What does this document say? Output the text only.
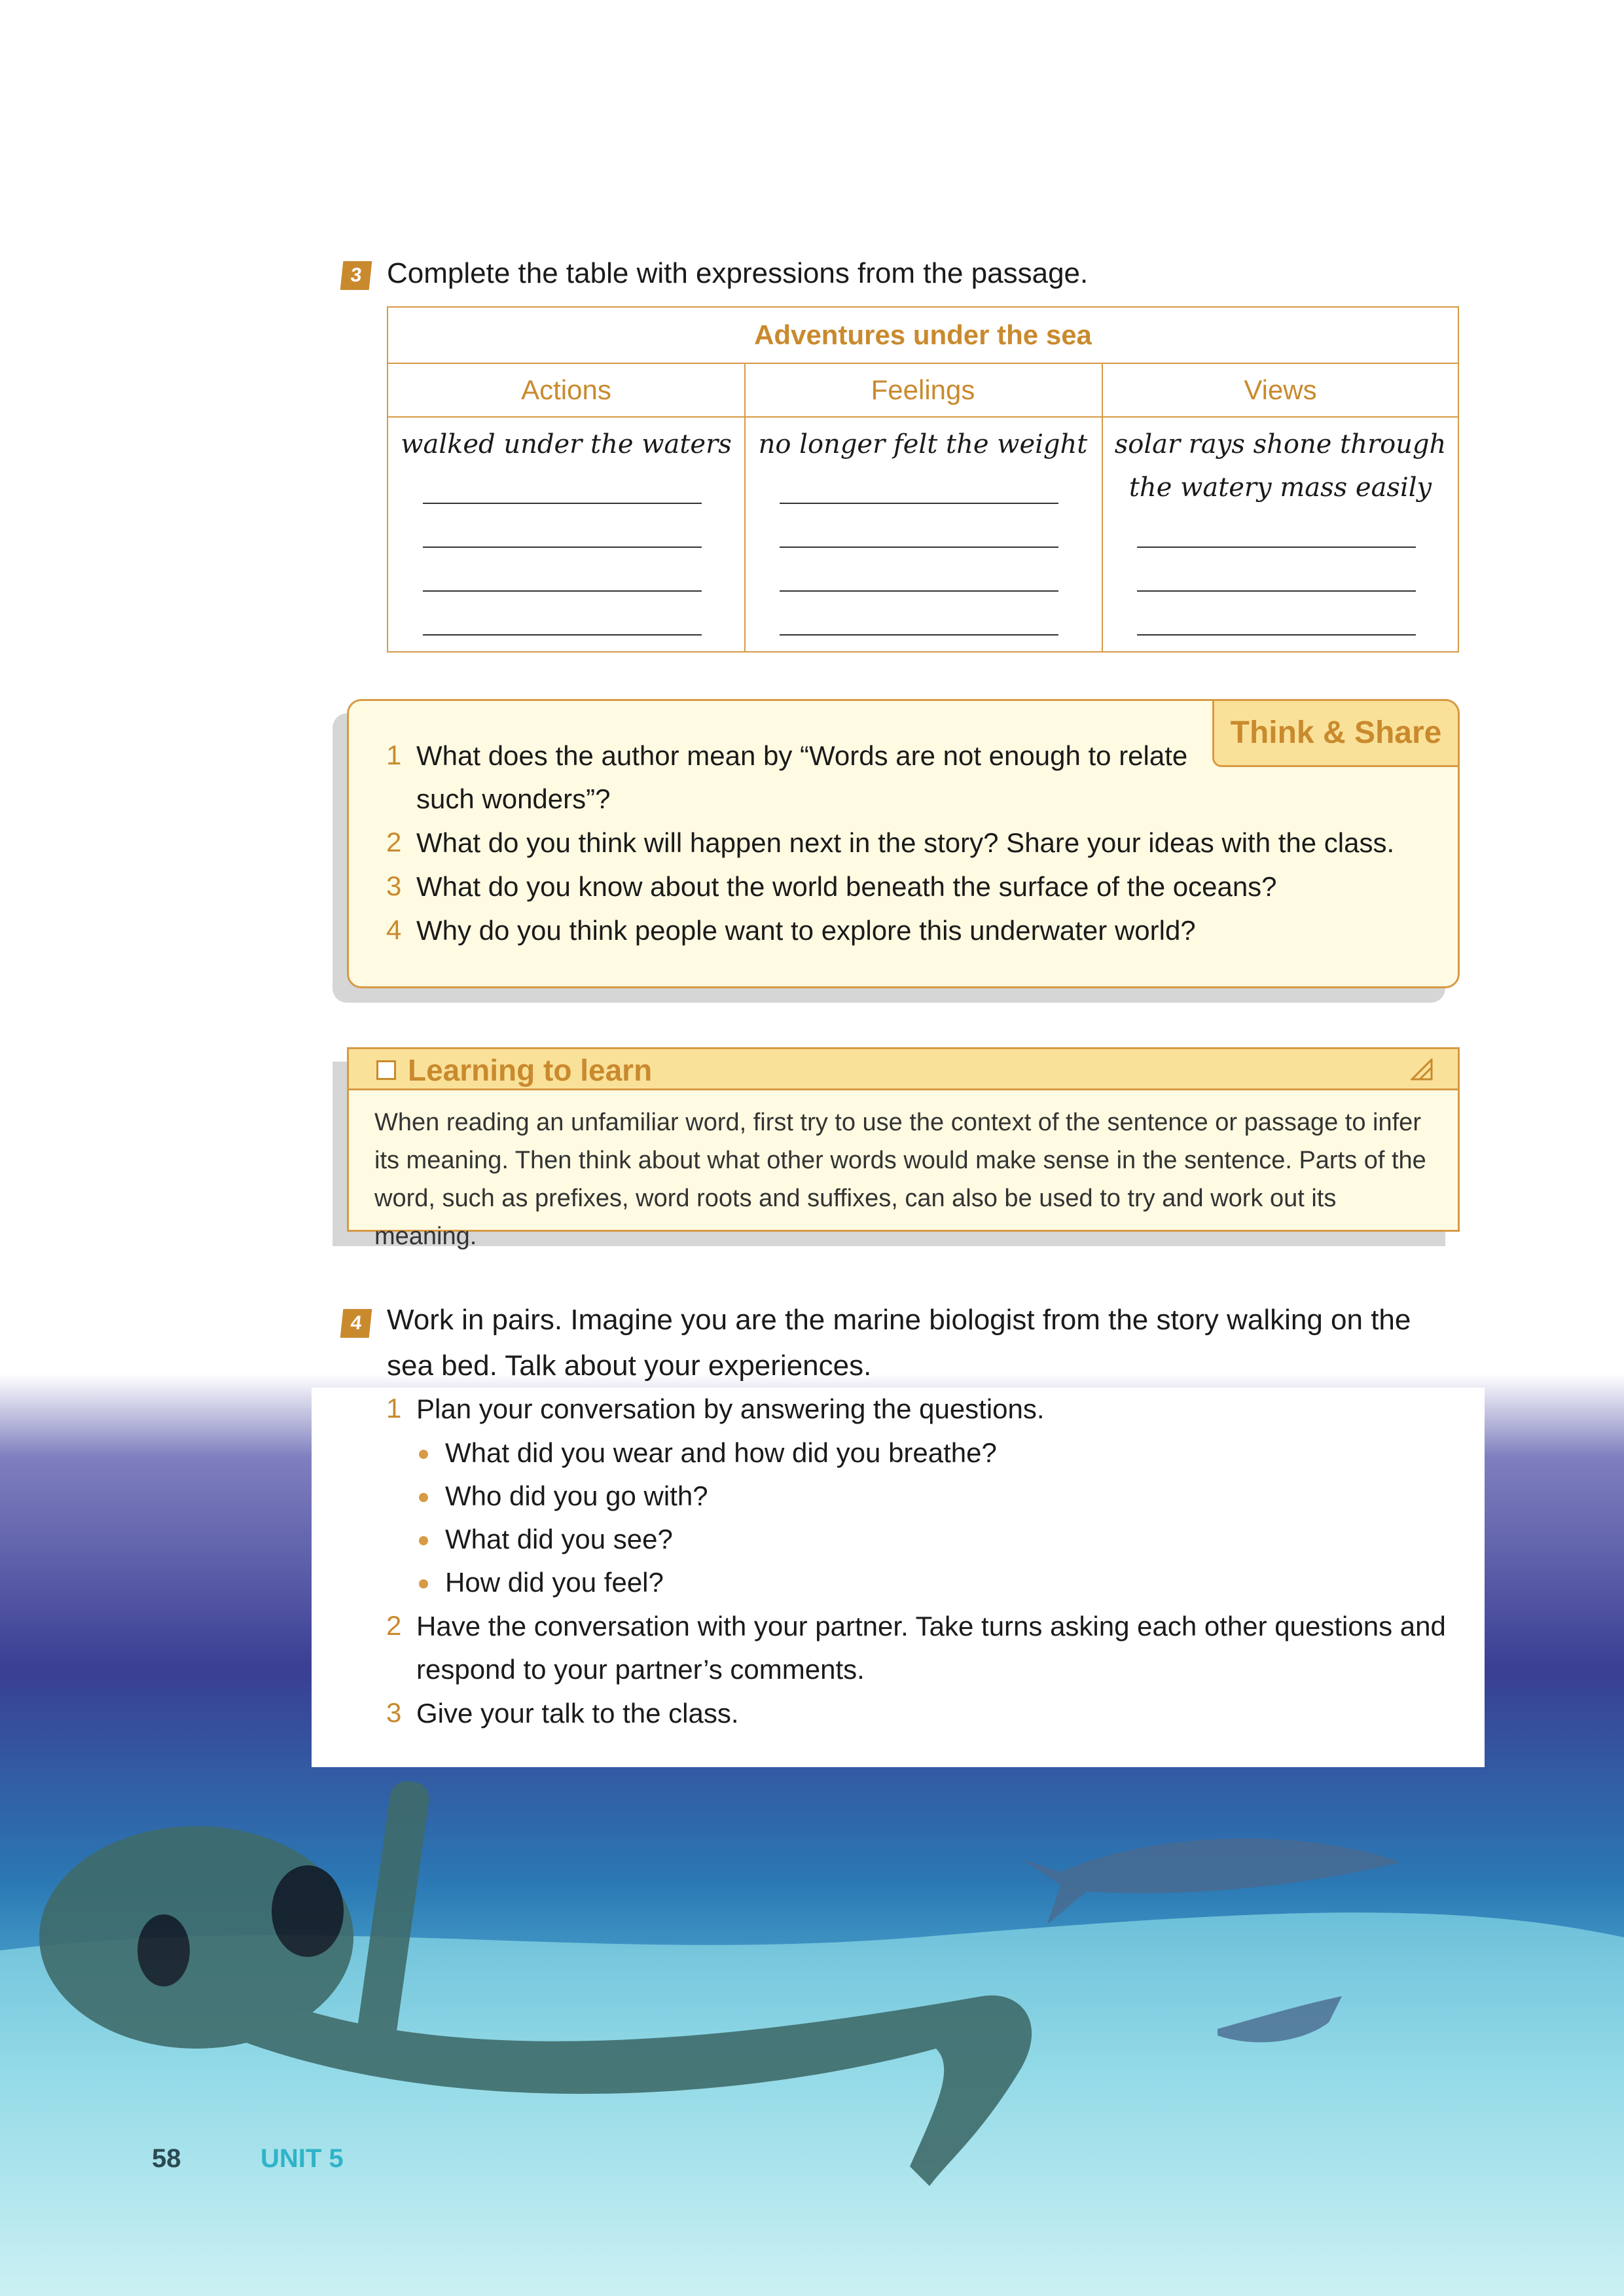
3 Complete the table with expressions from the passage.
Adventures under the sea
Actions	Feelings	Views
walked under the waters	no longer felt the weight	solar rays shone through
the watery mass easily
Think & Share
1 What does the author mean by “Words are not enough to relate
such wonders”?
2 What do you think will happen next in the story? Share your ideas with the class.
3 What do you know about the world beneath the surface of the oceans?
4 Why do you think people want to explore this underwater world?
Learning to learn
When reading an unfamiliar word, first try to use the context of the sentence or passage to infer
its meaning. Then think about what other words would make sense in the sentence. Parts of the
word, such as prefixes, word roots and suffixes, can also be used to try and work out its meaning.
4 Work in pairs. Imagine you are the marine biologist from the story walking on the
sea bed. Talk about your experiences.
1 Plan your conversation by answering the questions.
What did you wear and how did you breathe?
Who did you go with?
What did you see?
How did you feel?
2 Have the conversation with your partner. Take turns asking each other questions and
respond to your partner’s comments.
3 Give your talk to the class.
58	UNIT 5
